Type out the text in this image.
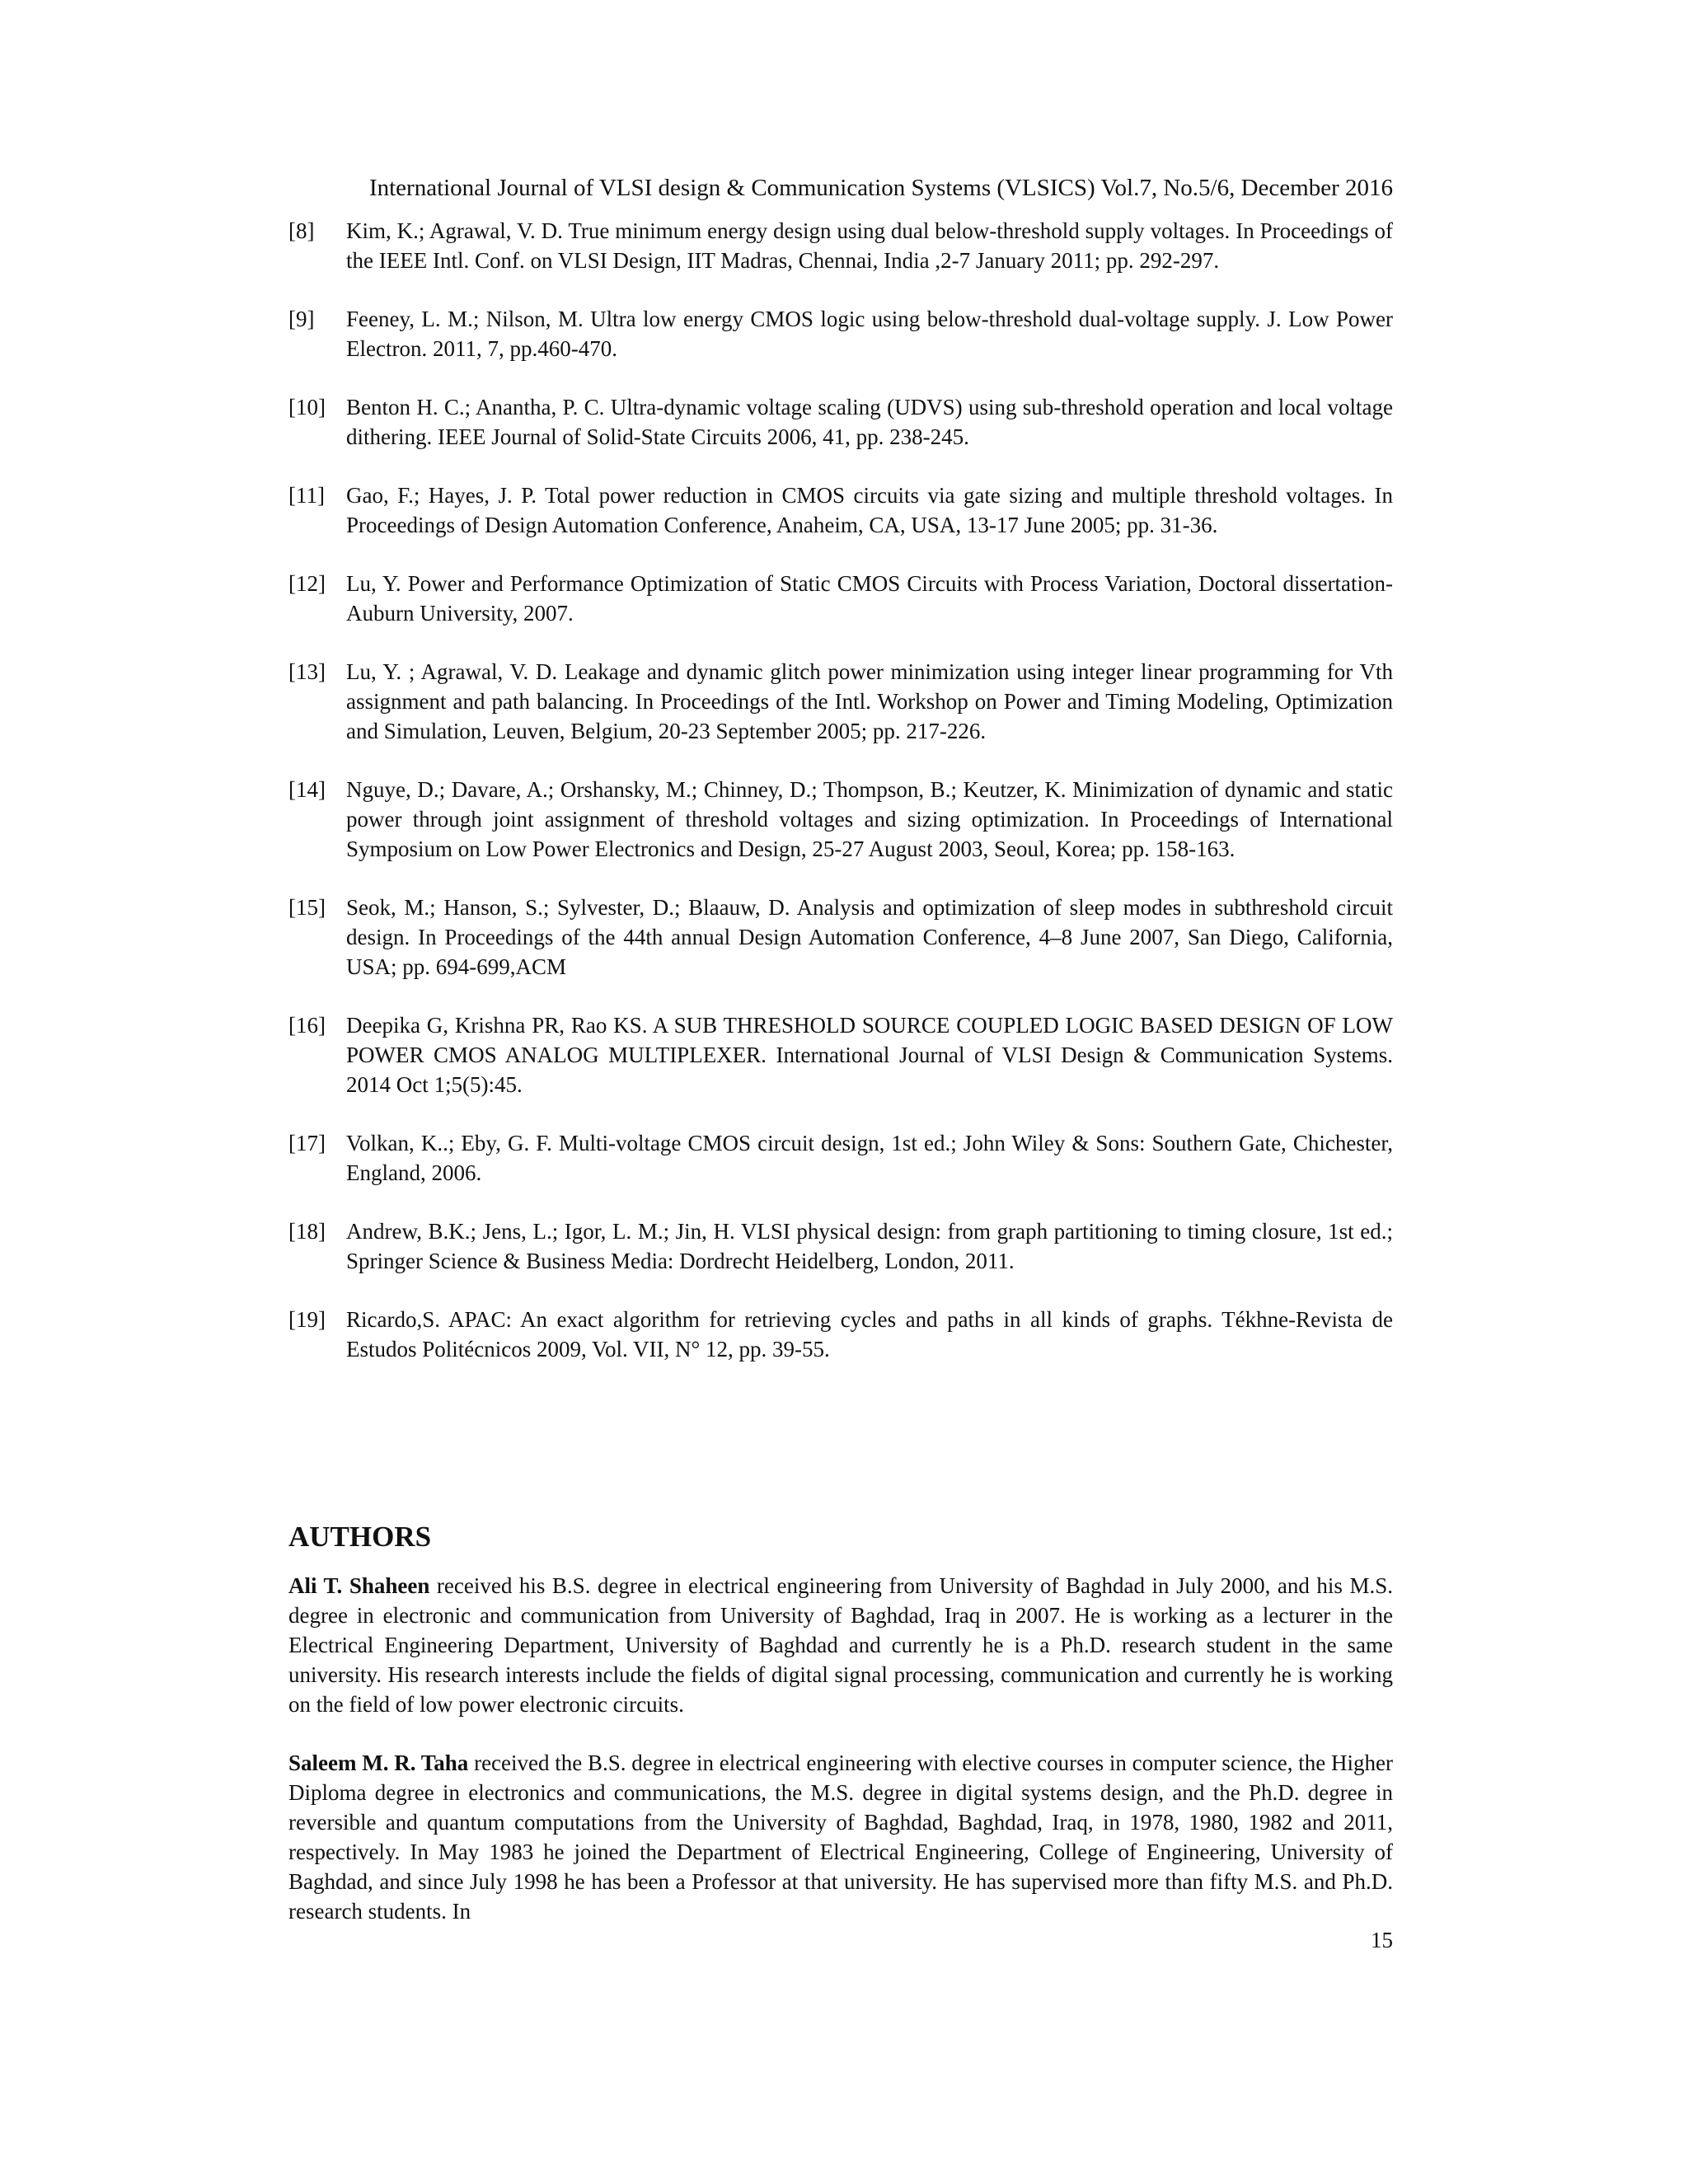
International Journal of VLSI design & Communication Systems (VLSICS) Vol.7, No.5/6, December 2016
[8] Kim, K.; Agrawal, V. D. True minimum energy design using dual below-threshold supply voltages. In Proceedings of the IEEE Intl. Conf. on VLSI Design, IIT Madras, Chennai, India ,2-7 January 2011; pp. 292-297.
[9] Feeney, L. M.; Nilson, M. Ultra low energy CMOS logic using below-threshold dual-voltage supply. J. Low Power Electron. 2011, 7, pp.460-470.
[10] Benton H. C.; Anantha, P. C. Ultra-dynamic voltage scaling (UDVS) using sub-threshold operation and local voltage dithering. IEEE Journal of Solid-State Circuits 2006, 41, pp. 238-245.
[11] Gao, F.; Hayes, J. P. Total power reduction in CMOS circuits via gate sizing and multiple threshold voltages. In Proceedings of Design Automation Conference, Anaheim, CA, USA, 13-17 June 2005; pp. 31-36.
[12] Lu, Y. Power and Performance Optimization of Static CMOS Circuits with Process Variation, Doctoral dissertation-Auburn University, 2007.
[13] Lu, Y. ; Agrawal, V. D. Leakage and dynamic glitch power minimization using integer linear programming for Vth assignment and path balancing. In Proceedings of the Intl. Workshop on Power and Timing Modeling, Optimization and Simulation, Leuven, Belgium, 20-23 September 2005; pp. 217-226.
[14] Nguye, D.; Davare, A.; Orshansky, M.; Chinney, D.; Thompson, B.; Keutzer, K. Minimization of dynamic and static power through joint assignment of threshold voltages and sizing optimization. In Proceedings of International Symposium on Low Power Electronics and Design, 25-27 August 2003, Seoul, Korea; pp. 158-163.
[15] Seok, M.; Hanson, S.; Sylvester, D.; Blaauw, D. Analysis and optimization of sleep modes in subthreshold circuit design. In Proceedings of the 44th annual Design Automation Conference, 4–8 June 2007, San Diego, California, USA; pp. 694-699,ACM
[16] Deepika G, Krishna PR, Rao KS. A SUB THRESHOLD SOURCE COUPLED LOGIC BASED DESIGN OF LOW POWER CMOS ANALOG MULTIPLEXER. International Journal of VLSI Design & Communication Systems. 2014 Oct 1;5(5):45.
[17] Volkan, K..; Eby, G. F. Multi-voltage CMOS circuit design, 1st ed.; John Wiley & Sons: Southern Gate, Chichester, England, 2006.
[18] Andrew, B.K.; Jens, L.; Igor, L. M.; Jin, H. VLSI physical design: from graph partitioning to timing closure, 1st ed.; Springer Science & Business Media: Dordrecht Heidelberg, London, 2011.
[19] Ricardo,S. APAC: An exact algorithm for retrieving cycles and paths in all kinds of graphs. Tékhne-Revista de Estudos Politécnicos 2009, Vol. VII, N° 12, pp. 39-55.
AUTHORS

Ali T. Shaheen received his B.S. degree in electrical engineering from University of Baghdad in July 2000, and his M.S. degree in electronic and communication from University of Baghdad, Iraq in 2007. He is working as a lecturer in the Electrical Engineering Department, University of Baghdad and currently he is a Ph.D. research student in the same university. His research interests include the fields of digital signal processing, communication and currently he is working on the field of low power electronic circuits.

Saleem M. R. Taha received the B.S. degree in electrical engineering with elective courses in computer science, the Higher Diploma degree in electronics and communications, the M.S. degree in digital systems design, and the Ph.D. degree in reversible and quantum computations from the University of Baghdad, Baghdad, Iraq, in 1978, 1980, 1982 and 2011, respectively. In May 1983 he joined the Department of Electrical Engineering, College of Engineering, University of Baghdad, and since July 1998 he has been a Professor at that university. He has supervised more than fifty M.S. and Ph.D. research students. In

15
